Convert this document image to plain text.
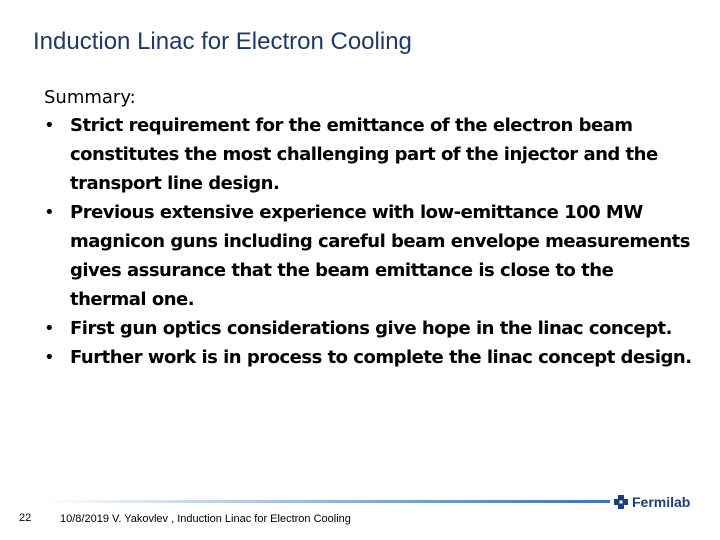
Induction Linac for Electron Cooling
Summary:
• Strict requirement for the emittance of the electron beam constitutes the most challenging part of the injector and the transport line design.
• Previous extensive experience with low-emittance 100 MW magnicon guns including careful beam envelope measurements gives assurance that the beam emittance is close to the thermal one.
• First gun optics considerations give hope in the linac concept.
• Further work is in process to complete the linac concept design.
22	10/8/2019 V. Yakovlev , Induction Linac for Electron Cooling
Fermilab
